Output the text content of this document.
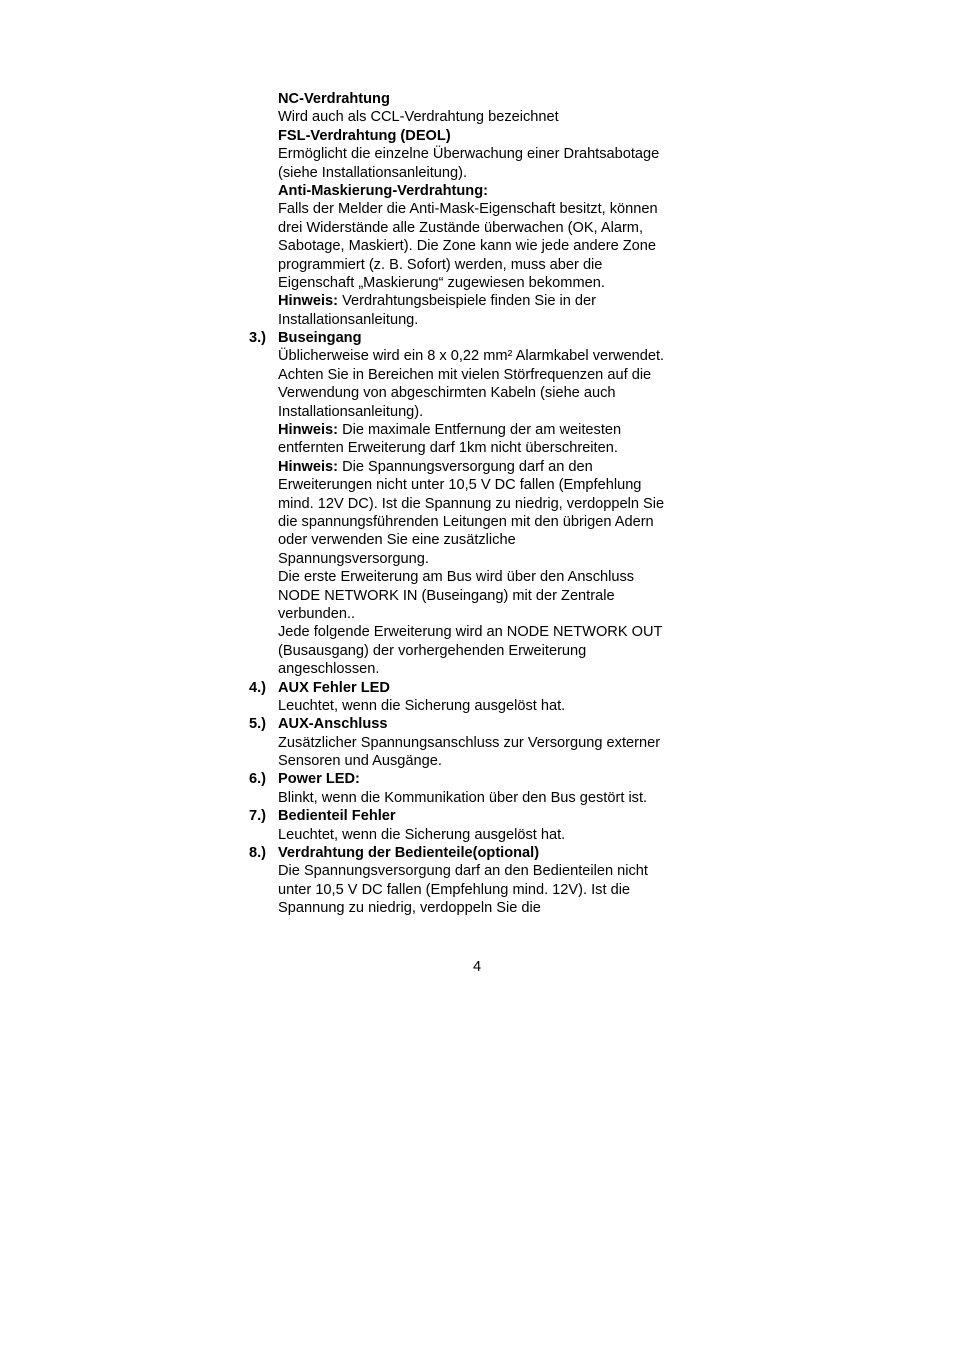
NC-Verdrahtung
Wird auch als CCL-Verdrahtung bezeichnet
FSL-Verdrahtung (DEOL)
Ermöglicht die einzelne Überwachung einer Drahtsabotage
(siehe Installationsanleitung).
Anti-Maskierung-Verdrahtung:
Falls der Melder die Anti-Mask-Eigenschaft besitzt, können
drei Widerstände alle Zustände überwachen (OK, Alarm,
Sabotage, Maskiert). Die Zone kann wie jede andere Zone
programmiert (z. B. Sofort) werden, muss aber die
Eigenschaft „Maskierung“ zugewiesen bekommen.
Hinweis: Verdrahtungsbeispiele finden Sie in der
Installationsanleitung.
3.) Buseingang
Üblicherweise wird ein 8 x 0,22 mm² Alarmkabel verwendet.
Achten Sie in Bereichen mit vielen Störfrequenzen auf die
Verwendung von abgeschirmten Kabeln (siehe auch
Installationsanleitung).
Hinweis: Die maximale Entfernung der am weitesten
entfernten Erweiterung darf 1km nicht überschreiten.
Hinweis: Die Spannungsversorgung darf an den
Erweiterungen nicht unter 10,5 V DC fallen (Empfehlung
mind. 12V DC). Ist die Spannung zu niedrig, verdoppeln Sie
die spannungsführenden Leitungen mit den übrigen Adern
oder verwenden Sie eine zusätzliche
Spannungsversorgung.
Die erste Erweiterung am Bus wird über den Anschluss
NODE NETWORK IN (Buseingang) mit der Zentrale
verbunden..
Jede folgende Erweiterung wird an NODE NETWORK OUT
(Busausgang) der vorhergehenden Erweiterung
angeschlossen.
4.) AUX Fehler LED
Leuchtet, wenn die Sicherung ausgelöst hat.
5.) AUX-Anschluss
Zusätzlicher Spannungsanschluss zur Versorgung externer
Sensoren und Ausgänge.
6.) Power LED:
Blinkt, wenn die Kommunikation über den Bus gestört ist.
7.) Bedienteil Fehler
Leuchtet, wenn die Sicherung ausgelöst hat.
8.) Verdrahtung der Bedienteile(optional)
Die Spannungsversorgung darf an den Bedienteilen nicht
unter 10,5 V DC fallen (Empfehlung mind. 12V). Ist die
Spannung zu niedrig, verdoppeln Sie die
4
